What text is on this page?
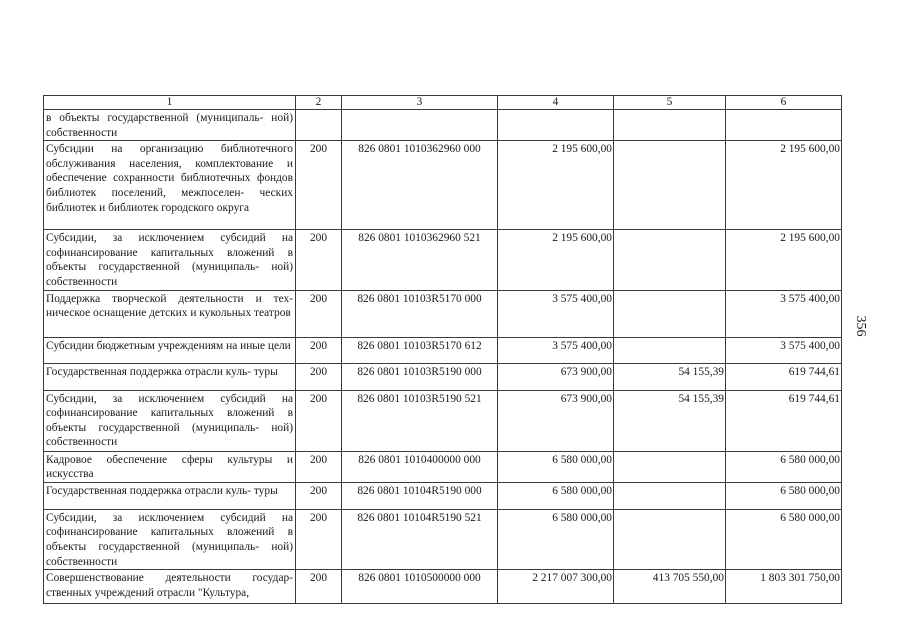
1	2	3	4	5	6
в объекты государственной (муниципаль- ной) собственности					
Субсидии на организацию библиотечного обслуживания населения, комплектование и обеспечение сохранности библиотечных фондов библиотек поселений, межпоселен- ческих библиотек и библиотек городского округа	200	826 0801 1010362960 000	2 195 600,00		2 195 600,00
Субсидии, за исключением субсидий на софинансирование капитальных вложений в объекты государственной (муниципаль- ной) собственности	200	826 0801 1010362960 521	2 195 600,00		2 195 600,00
Поддержка творческой деятельности и тех- ническое оснащение детских и кукольных театров	200	826 0801 10103R5170 000	3 575 400,00		3 575 400,00
Субсидии бюджетным учреждениям на иные цели	200	826 0801 10103R5170 612	3 575 400,00		3 575 400,00
Государственная поддержка отрасли куль- туры	200	826 0801 10103R5190 000	673 900,00	54 155,39	619 744,61
Субсидии, за исключением субсидий на софинансирование капитальных вложений в объекты государственной (муниципаль- ной) собственности	200	826 0801 10103R5190 521	673 900,00	54 155,39	619 744,61
Кадровое обеспечение сферы культуры и искусства	200	826 0801 1010400000 000	6 580 000,00		6 580 000,00
Государственная поддержка отрасли куль- туры	200	826 0801 10104R5190 000	6 580 000,00		6 580 000,00
Субсидии, за исключением субсидий на софинансирование капитальных вложений в объекты государственной (муниципаль- ной) собственности	200	826 0801 10104R5190 521	6 580 000,00		6 580 000,00
Совершенствование деятельности государ- ственных учреждений отрасли "Культура,	200	826 0801 1010500000 000	2 217 007 300,00	413 705 550,00	1 803 301 750,00
356
